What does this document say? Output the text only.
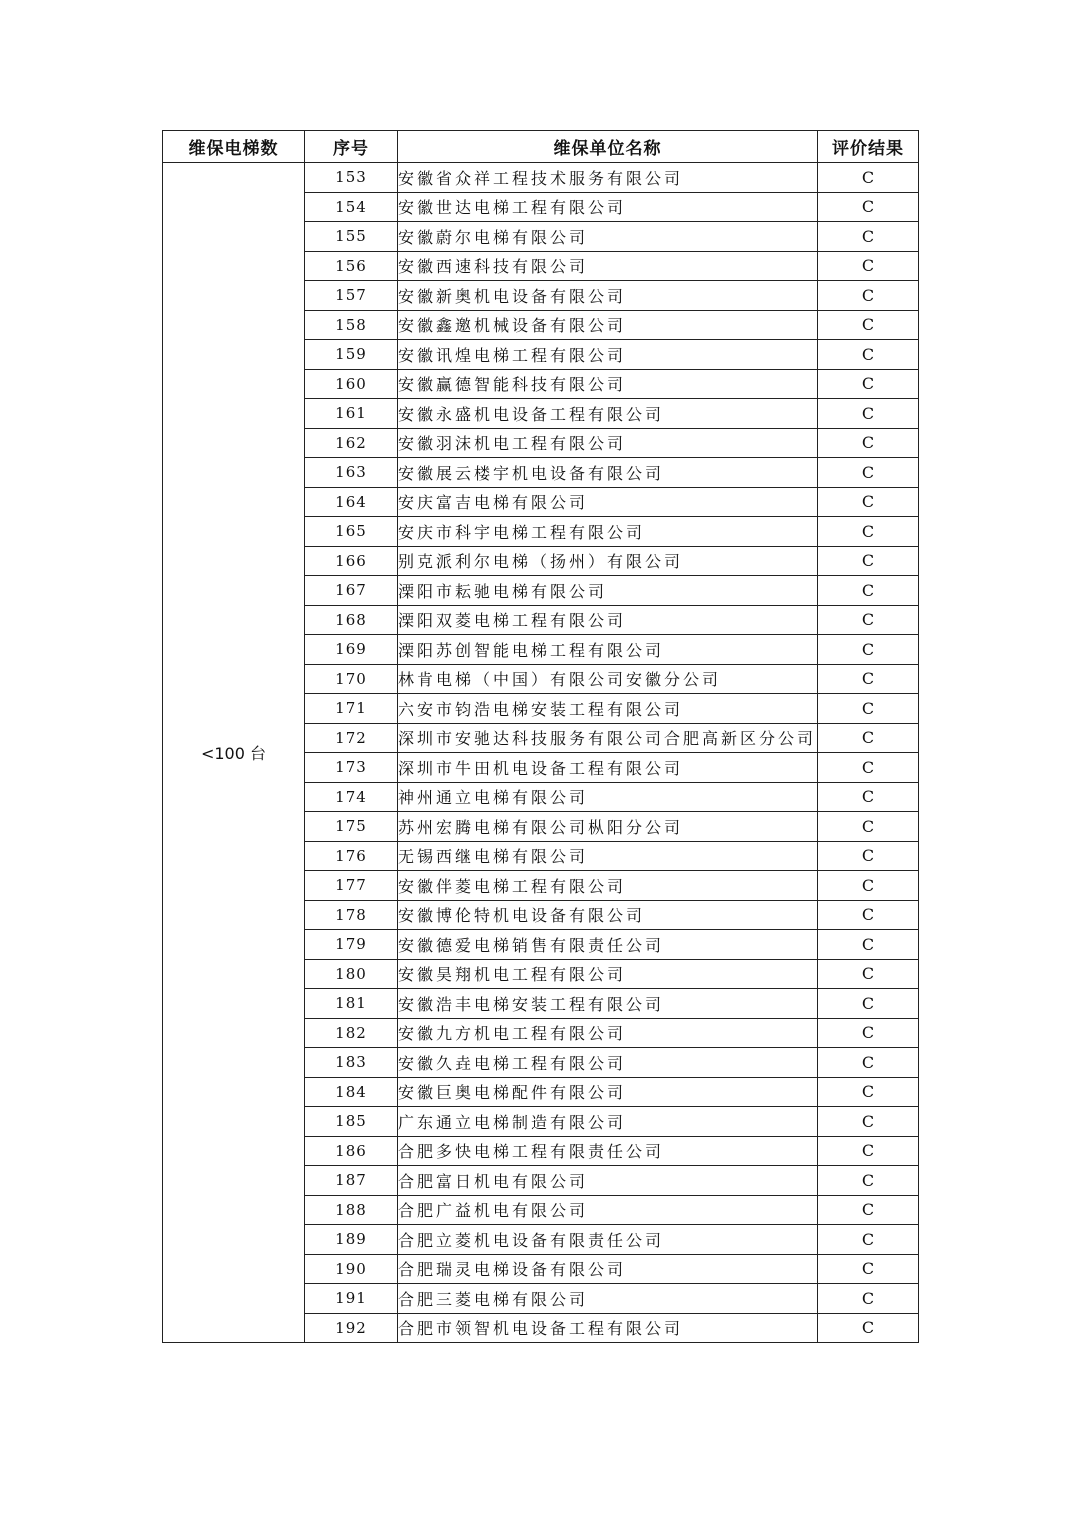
维保电梯数	序号	维保单位名称	评价结果
<100 台	153	安徽省众祥工程技术服务有限公司	C
	154	安徽世达电梯工程有限公司	C
	155	安徽蔚尔电梯有限公司	C
	156	安徽西速科技有限公司	C
	157	安徽新奥机电设备有限公司	C
	158	安徽鑫邀机械设备有限公司	C
	159	安徽讯煌电梯工程有限公司	C
	160	安徽赢德智能科技有限公司	C
	161	安徽永盛机电设备工程有限公司	C
	162	安徽羽沫机电工程有限公司	C
	163	安徽展云楼宇机电设备有限公司	C
	164	安庆富吉电梯有限公司	C
	165	安庆市科宇电梯工程有限公司	C
	166	别克派利尔电梯（扬州）有限公司	C
	167	溧阳市耘驰电梯有限公司	C
	168	溧阳双菱电梯工程有限公司	C
	169	溧阳苏创智能电梯工程有限公司	C
	170	林肯电梯（中国）有限公司安徽分公司	C
	171	六安市钧浩电梯安装工程有限公司	C
	172	深圳市安驰达科技服务有限公司合肥高新区分公司	C
	173	深圳市牛田机电设备工程有限公司	C
	174	神州通立电梯有限公司	C
	175	苏州宏腾电梯有限公司枞阳分公司	C
	176	无锡西继电梯有限公司	C
	177	安徽伴菱电梯工程有限公司	C
	178	安徽博伦特机电设备有限公司	C
	179	安徽德爱电梯销售有限责任公司	C
	180	安徽昊翔机电工程有限公司	C
	181	安徽浩丰电梯安装工程有限公司	C
	182	安徽九方机电工程有限公司	C
	183	安徽久垚电梯工程有限公司	C
	184	安徽巨奥电梯配件有限公司	C
	185	广东通立电梯制造有限公司	C
	186	合肥多快电梯工程有限责任公司	C
	187	合肥富日机电有限公司	C
	188	合肥广益机电有限公司	C
	189	合肥立菱机电设备有限责任公司	C
	190	合肥瑞灵电梯设备有限公司	C
	191	合肥三菱电梯有限公司	C
	192	合肥市领智机电设备工程有限公司	C
